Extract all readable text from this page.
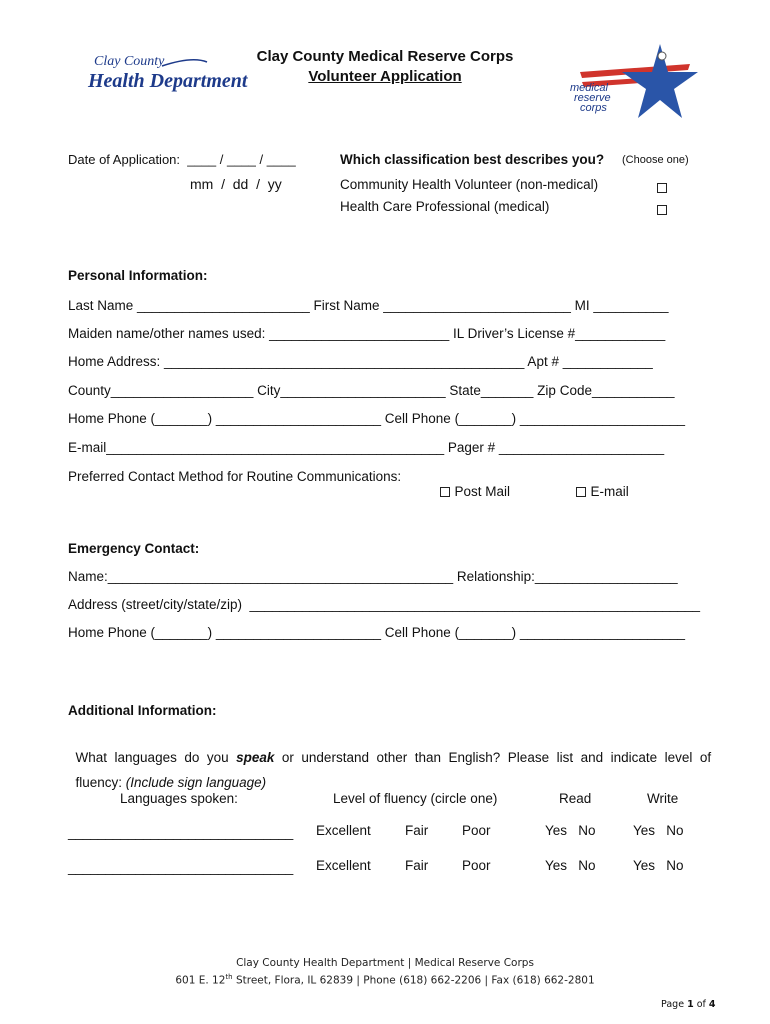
Clay County
Health Department
Clay County Medical Reserve Corps
Volunteer Application
medical
reserve
corps
Date of Application:  ____ / ____ / ____
mm  /  dd  /  yy
Which classification best describes you? (Choose one)
Community Health Volunteer (non-medical)
Health Care Professional (medical)
Personal Information:
Last Name _______________________ First Name _________________________ MI __________
Maiden name/other names used: ________________________ IL Driver’s License #____________
Home Address: ________________________________________________ Apt # ____________
County___________________ City______________________ State_______ Zip Code___________
Home Phone (_______) ______________________ Cell Phone (_______) ______________________
E-mail_____________________________________________ Pager # ______________________
Preferred Contact Method for Routine Communications:

Post Mail	E-mail

Emergency Contact:
Name:______________________________________________ Relationship:___________________
Address (street/city/state/zip)  ____________________________________________________________
Home Phone (_______) ______________________ Cell Phone (_______) ______________________
Additional Information:

What  languages  do  you  speak  or  understand  other  than  English?  Please  list  and  indicate  level  of

fluency: (Include sign language)

Languages spoken:	Level of fluency (circle one)	Read	Write
______________________________ Excellent	Fair	Poor	Yes   No	Yes   No
______________________________ Excellent	Fair	Poor	Yes   No	Yes   No
Clay County Health Department | Medical Reserve Corps
601 E. 12th Street, Flora, IL 62839 | Phone (618) 662-2206 | Fax (618) 662-2801

Page 1 of 4
